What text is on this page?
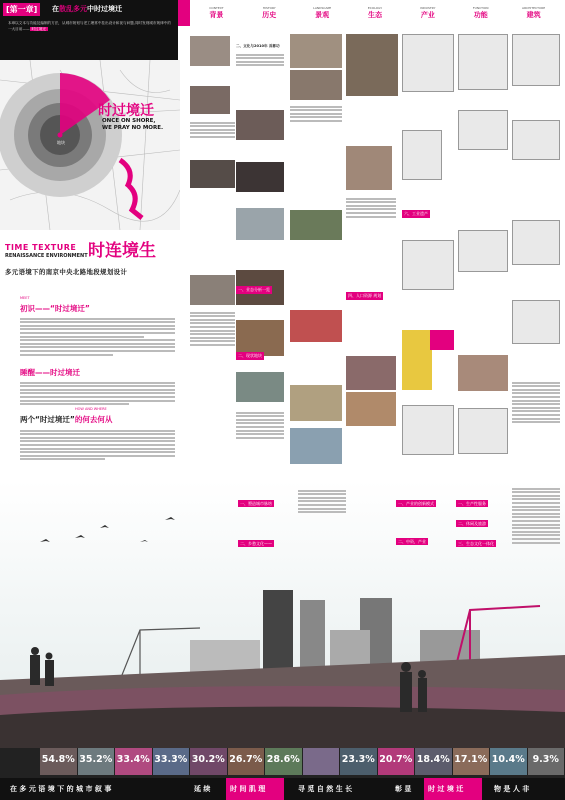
[第一章]	在散乱多元中时过境迁
本章以文本与功能及编制的方法，从城市规划与老工理常中挂出设计和视与问题,同时发现城市规律中的一大目前—— 时过境迁
地块
时过境迁
ONCE ON SHORE,
WE PRAY NO MORE.
TIME TEXTURE 时连境生
RENAISSANCE ENVIRONMENT
多元语境下的南京中央北路地段规划设计
MEET
初识——“时过境迁”
睡醒——时过境迁
HOW AND WHERE
两个“时过境迁”的何去何从
CONTEXT
背景
HISTORY
历史
LANDSCAPE
景观
ECOLOGY
生态
INDUSTRY
产业
FUNCTION
功能
ARCHITECTURE
建筑
二、文化与2010年 首都功
一、业态分析一览
二、现状地块
四、人口资源 规划
六、工业遗产
一、塑造城市脉络
二、乡愁文化——
一、产业的创新模式
二、中资，产业
一、生产性服务
二、休闲及旅游
三、生态文化一体化
54.8% 35.2% 33.4% 33.3% 30.2% 26.7% 28.6%	23.3% 20.7% 18.4% 17.1% 10.4% 9.3%
在 多 元 语 境 下 的 城 市 叙 事	延 续	时 间 肌 理	寻 觅 自 然 生 长	彰 显	时 过 境 迁	物 是 人 非
